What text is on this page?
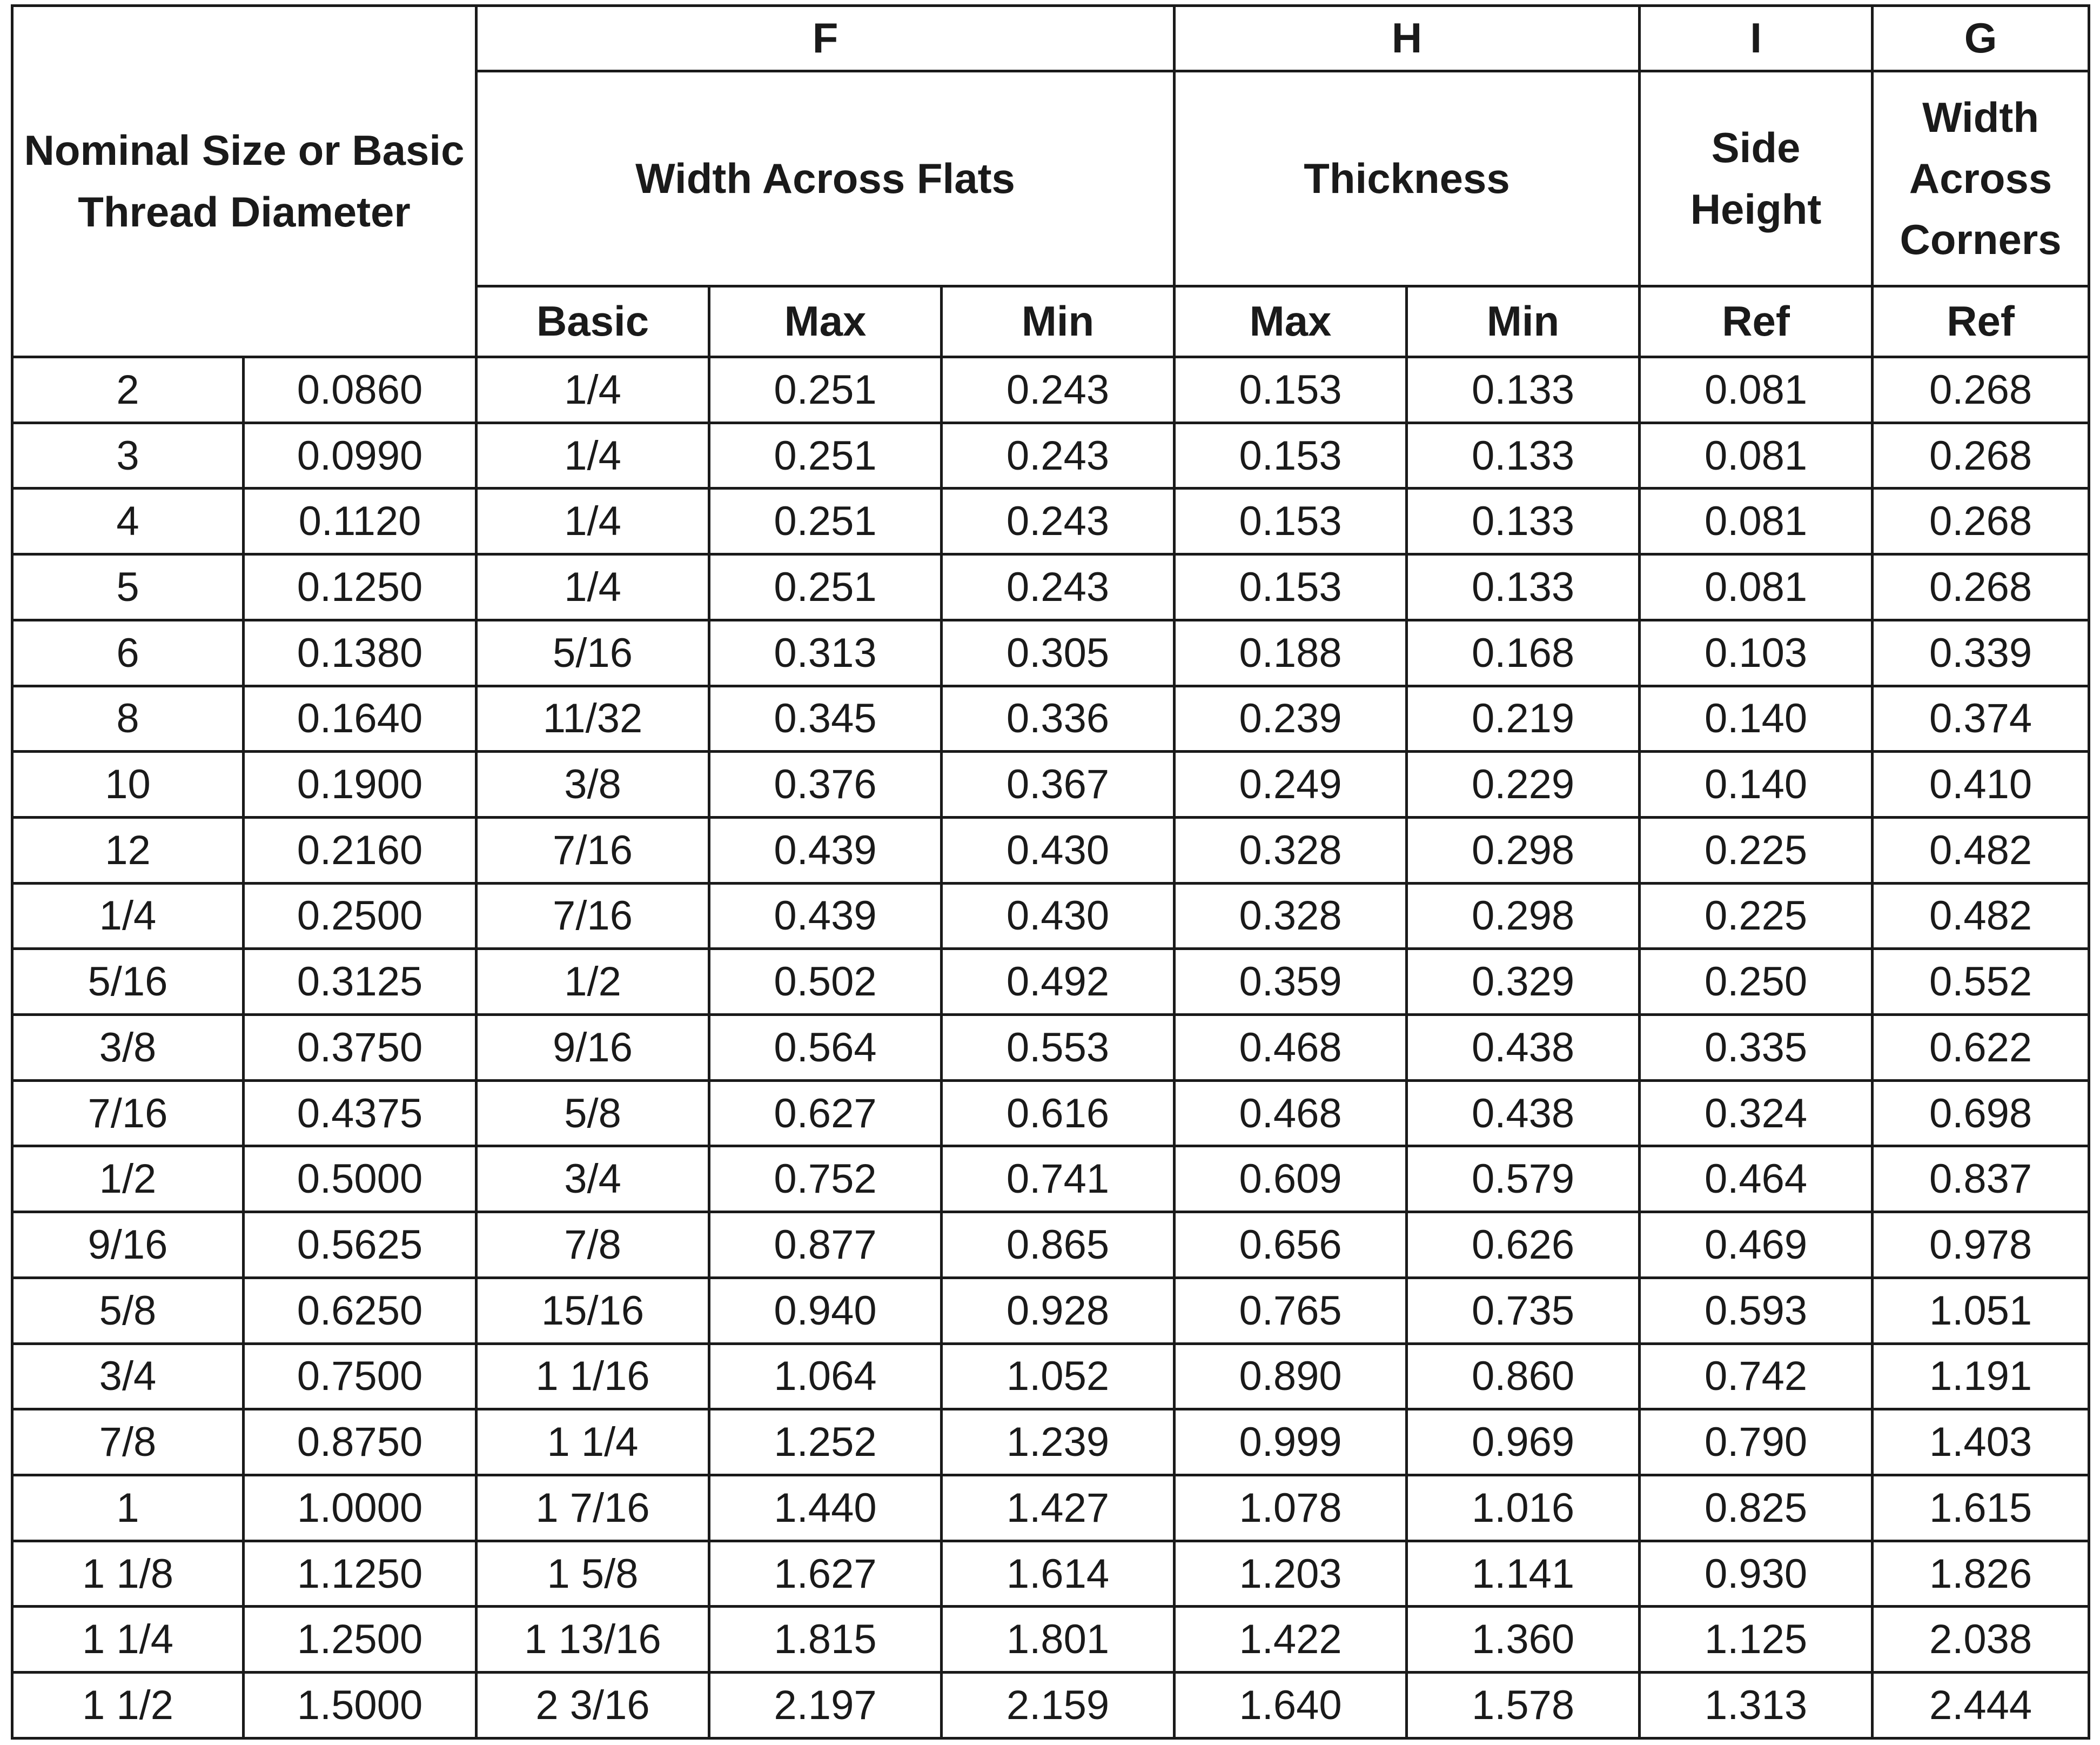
Nominal Size or Basic Thread Diameter		F			H		I	G
		Width Across Flats			Thickness		Side Height	Width Across Corners
		Basic	Max	Min	Max	Min	Ref	Ref
2	0.0860	1/4	0.251	0.243	0.153	0.133	0.081	0.268
3	0.0990	1/4	0.251	0.243	0.153	0.133	0.081	0.268
4	0.1120	1/4	0.251	0.243	0.153	0.133	0.081	0.268
5	0.1250	1/4	0.251	0.243	0.153	0.133	0.081	0.268
6	0.1380	5/16	0.313	0.305	0.188	0.168	0.103	0.339
8	0.1640	11/32	0.345	0.336	0.239	0.219	0.140	0.374
10	0.1900	3/8	0.376	0.367	0.249	0.229	0.140	0.410
12	0.2160	7/16	0.439	0.430	0.328	0.298	0.225	0.482
1/4	0.2500	7/16	0.439	0.430	0.328	0.298	0.225	0.482
5/16	0.3125	1/2	0.502	0.492	0.359	0.329	0.250	0.552
3/8	0.3750	9/16	0.564	0.553	0.468	0.438	0.335	0.622
7/16	0.4375	5/8	0.627	0.616	0.468	0.438	0.324	0.698
1/2	0.5000	3/4	0.752	0.741	0.609	0.579	0.464	0.837
9/16	0.5625	7/8	0.877	0.865	0.656	0.626	0.469	0.978
5/8	0.6250	15/16	0.940	0.928	0.765	0.735	0.593	1.051
3/4	0.7500	1 1/16	1.064	1.052	0.890	0.860	0.742	1.191
7/8	0.8750	1 1/4	1.252	1.239	0.999	0.969	0.790	1.403
1	1.0000	1 7/16	1.440	1.427	1.078	1.016	0.825	1.615
1 1/8	1.1250	1 5/8	1.627	1.614	1.203	1.141	0.930	1.826
1 1/4	1.2500	1 13/16	1.815	1.801	1.422	1.360	1.125	2.038
1 1/2	1.5000	2 3/16	2.197	2.159	1.640	1.578	1.313	2.444
